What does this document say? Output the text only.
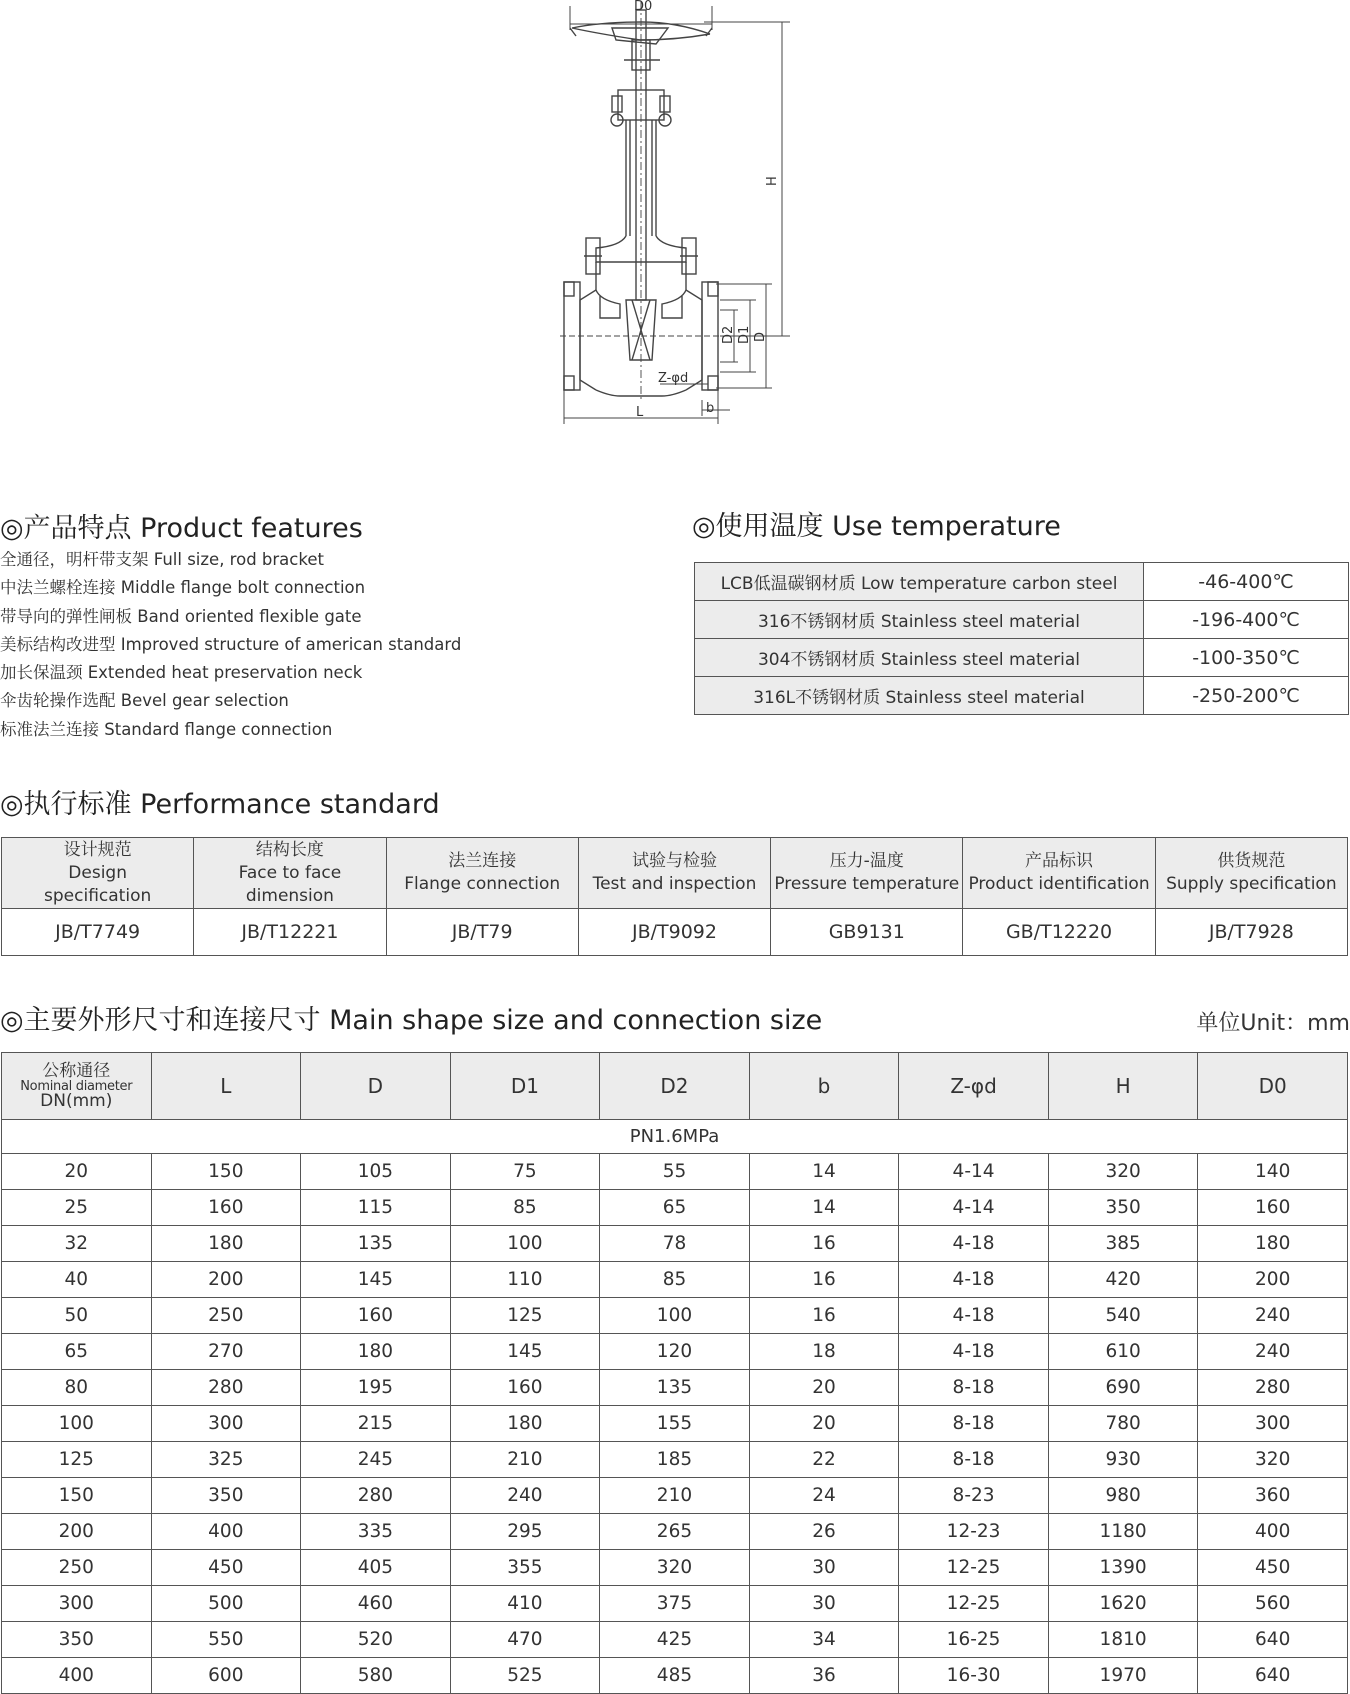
D0
H
D2 D1 D
Z-φd
L	b
◎产品特点 Product features
全通径，明杆带支架 Full size, rod bracket
中法兰螺栓连接 Middle flange bolt connection
带导向的弹性闸板 Band oriented flexible gate
美标结构改进型 Improved structure of american standard
加长保温颈 Extended heat preservation neck
伞齿轮操作选配 Bevel gear selection
标准法兰连接 Standard flange connection
◎使用温度 Use temperature
LCB低温碳钢材质 Low temperature carbon steel	-46-400℃
316不锈钢材质 Stainless steel material	-196-400℃
304不锈钢材质 Stainless steel material	-100-350℃
316L不锈钢材质 Stainless steel material	-250-200℃
◎执行标准 Performance standard
设计规范
Design
specification	结构长度
Face to face
dimension	法兰连接
Flange connection	试验与检验
Test and inspection	压力-温度
Pressure temperature	产品标识
Product identification	供货规范
Supply specification
JB/T7749	JB/T12221	JB/T79	JB/T9092	GB9131	GB/T12220	JB/T7928
◎主要外形尺寸和连接尺寸 Main shape size and connection size	单位Unit：mm
公称通径
Nominal diameter
DN(mm)	L	D	D1	D2	b	Z-φd	H	D0
PN1.6MPa								
20	150	105	75	55	14	4-14	320	140
25	160	115	85	65	14	4-14	350	160
32	180	135	100	78	16	4-18	385	180
40	200	145	110	85	16	4-18	420	200
50	250	160	125	100	16	4-18	540	240
65	270	180	145	120	18	4-18	610	240
80	280	195	160	135	20	8-18	690	280
100	300	215	180	155	20	8-18	780	300
125	325	245	210	185	22	8-18	930	320
150	350	280	240	210	24	8-23	980	360
200	400	335	295	265	26	12-23	1180	400
250	450	405	355	320	30	12-25	1390	450
300	500	460	410	375	30	12-25	1620	560
350	550	520	470	425	34	16-25	1810	640
400	600	580	525	485	36	16-30	1970	640
